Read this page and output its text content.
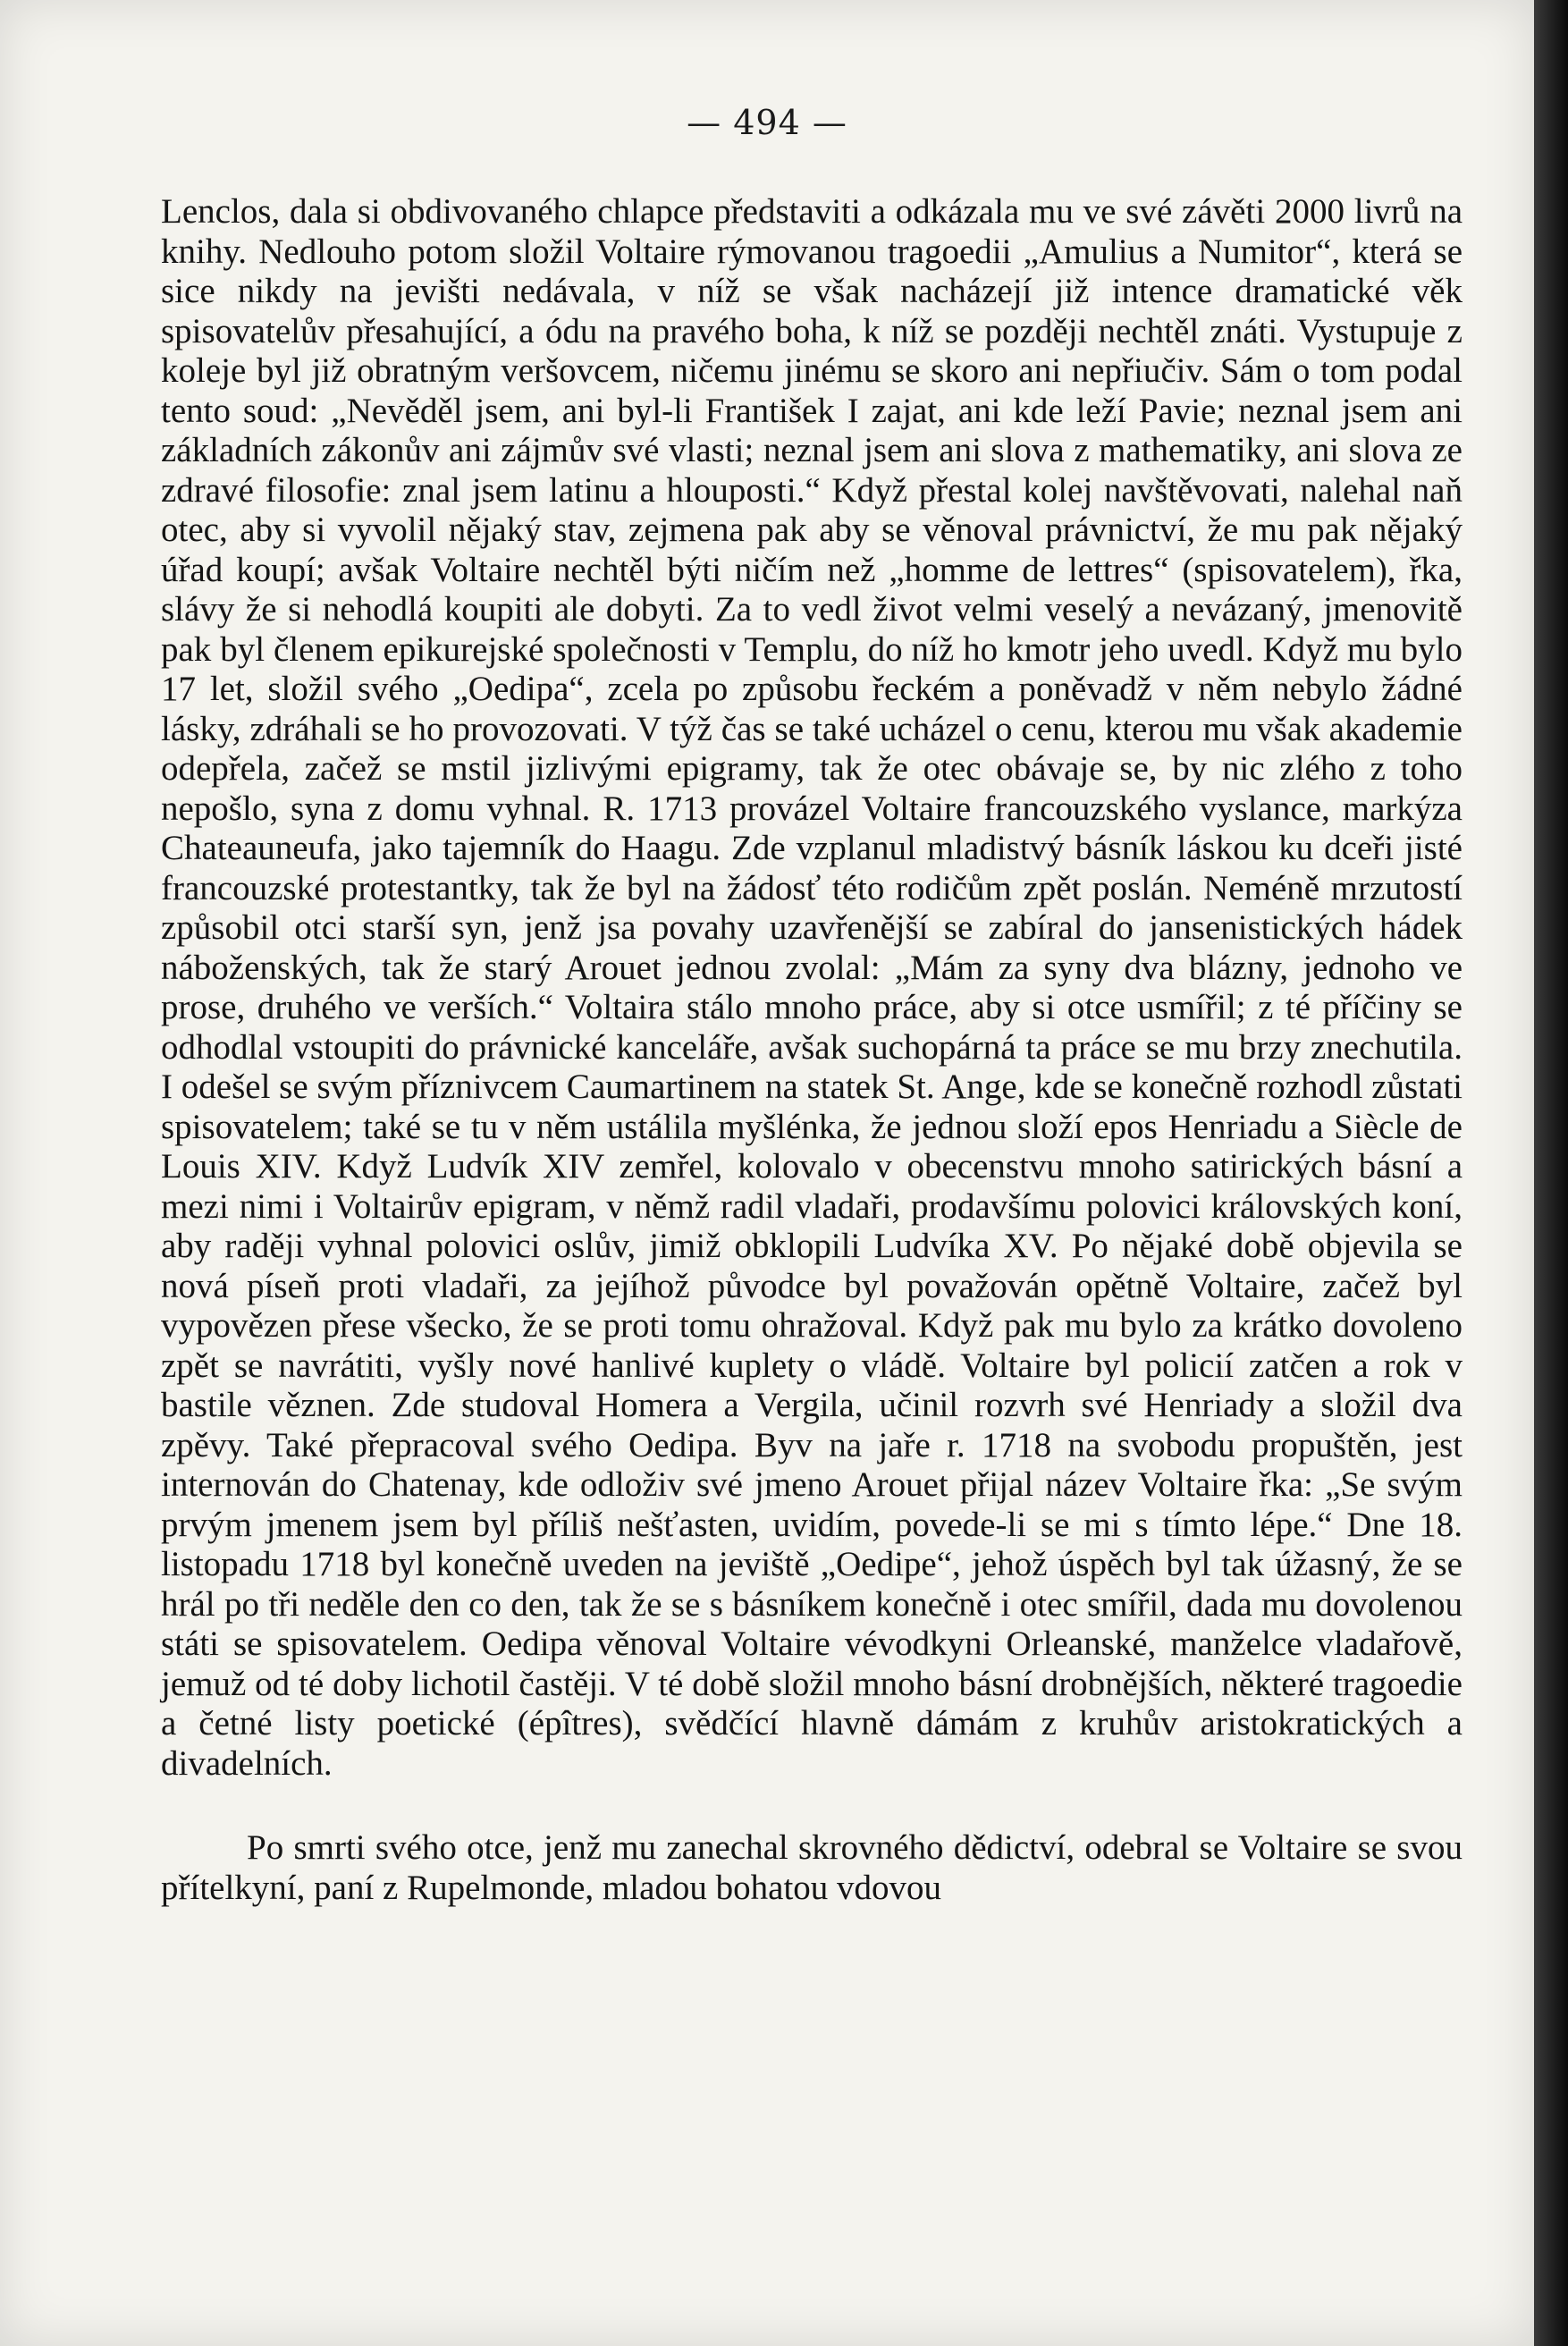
— 494 —

Lenclos, dala si obdivovaného chlapce představiti a odkázala mu ve své závěti 2000 livrů na knihy. Nedlouho potom složil Voltaire rýmovanou tragoedii „Amulius a Numitor“, která se sice nikdy na jevišti nedávala, v níž se však nacházejí již intence dramatické věk spisovatelův přesahující, a ódu na pravého boha, k níž se později nechtěl znáti. Vystupuje z koleje byl již obratným veršovcem, ničemu jinému se skoro ani nepřiučiv. Sám o tom podal tento soud: „Nevěděl jsem, ani byl-li František I zajat, ani kde leží Pavie; neznal jsem ani základních zákonův ani zájmův své vlasti; neznal jsem ani slova z mathematiky, ani slova ze zdravé filosofie: znal jsem latinu a hlouposti.“ Když přestal kolej navštěvovati, nalehal naň otec, aby si vyvolil nějaký stav, zejmena pak aby se věnoval právnictví, že mu pak nějaký úřad koupí; avšak Voltaire nechtěl býti ničím než „homme de lettres“ (spisovatelem), řka, slávy že si nehodlá koupiti ale dobyti. Za to vedl život velmi veselý a nevázaný, jmenovitě pak byl členem epikurejské společnosti v Templu, do níž ho kmotr jeho uvedl. Když mu bylo 17 let, složil svého „Oedipa“, zcela po způsobu řeckém a poněvadž v něm nebylo žádné lásky, zdráhali se ho provozovati. V týž čas se také ucházel o cenu, kterou mu však akademie odepřela, začež se mstil jizlivými epigramy, tak že otec obávaje se, by nic zlého z toho nepošlo, syna z domu vyhnal. R. 1713 provázel Voltaire francouzského vyslance, markýza Chateauneufa, jako tajemník do Haagu. Zde vzplanul mladistvý básník láskou ku dceři jisté francouzské protestantky, tak že byl na žádosť této rodičům zpět poslán. Neméně mrzutostí způsobil otci starší syn, jenž jsa povahy uzavřenější se zabíral do jansenistických hádek náboženských, tak že starý Arouet jednou zvolal: „Mám za syny dva blázny, jednoho ve prose, druhého ve verších.“ Voltaira stálo mnoho práce, aby si otce usmířil; z té příčiny se odhodlal vstoupiti do právnické kanceláře, avšak suchopárná ta práce se mu brzy znechutila. I odešel se svým příznivcem Caumartinem na statek St. Ange, kde se konečně rozhodl zůstati spisovatelem; také se tu v něm ustálila myšlénka, že jednou složí epos Henriadu a Siècle de Louis XIV. Když Ludvík XIV zemřel, kolovalo v obecenstvu mnoho satirických básní a mezi nimi i Voltairův epigram, v němž radil vladaři, prodavšímu polovici královských koní, aby raději vyhnal polovici oslův, jimiž obklopili Ludvíka XV. Po nějaké době objevila se nová píseň proti vladaři, za jejíhož původce byl považován opětně Voltaire, začež byl vypovězen přese všecko, že se proti tomu ohražoval. Když pak mu bylo za krátko dovoleno zpět se navrátiti, vyšly nové hanlivé kuplety o vládě. Voltaire byl policií zatčen a rok v bastile věznen. Zde studoval Homera a Vergila, učinil rozvrh své Henriady a složil dva zpěvy. Také přepracoval svého Oedipa. Byv na jaře r. 1718 na svobodu propuštěn, jest internován do Chatenay, kde odloživ své jmeno Arouet přijal název Voltaire řka: „Se svým prvým jmenem jsem byl příliš nešťasten, uvidím, povede-li se mi s tímto lépe.“ Dne 18. listopadu 1718 byl konečně uveden na jeviště „Oedipe“, jehož úspěch byl tak úžasný, že se hrál po tři neděle den co den, tak že se s básníkem konečně i otec smířil, dada mu dovolenou státi se spisovatelem. Oedipa věnoval Voltaire vévodkyni Orleanské, manželce vladařově, jemuž od té doby lichotil častěji. V té době složil mnoho básní drobnějších, některé tragoedie a četné listy poetické (épîtres), svědčící hlavně dámám z kruhův aristokratických a divadelních.

Po smrti svého otce, jenž mu zanechal skrovného dědictví, odebral se Voltaire se svou přítelkyní, paní z Rupelmonde, mladou bohatou vdovou
